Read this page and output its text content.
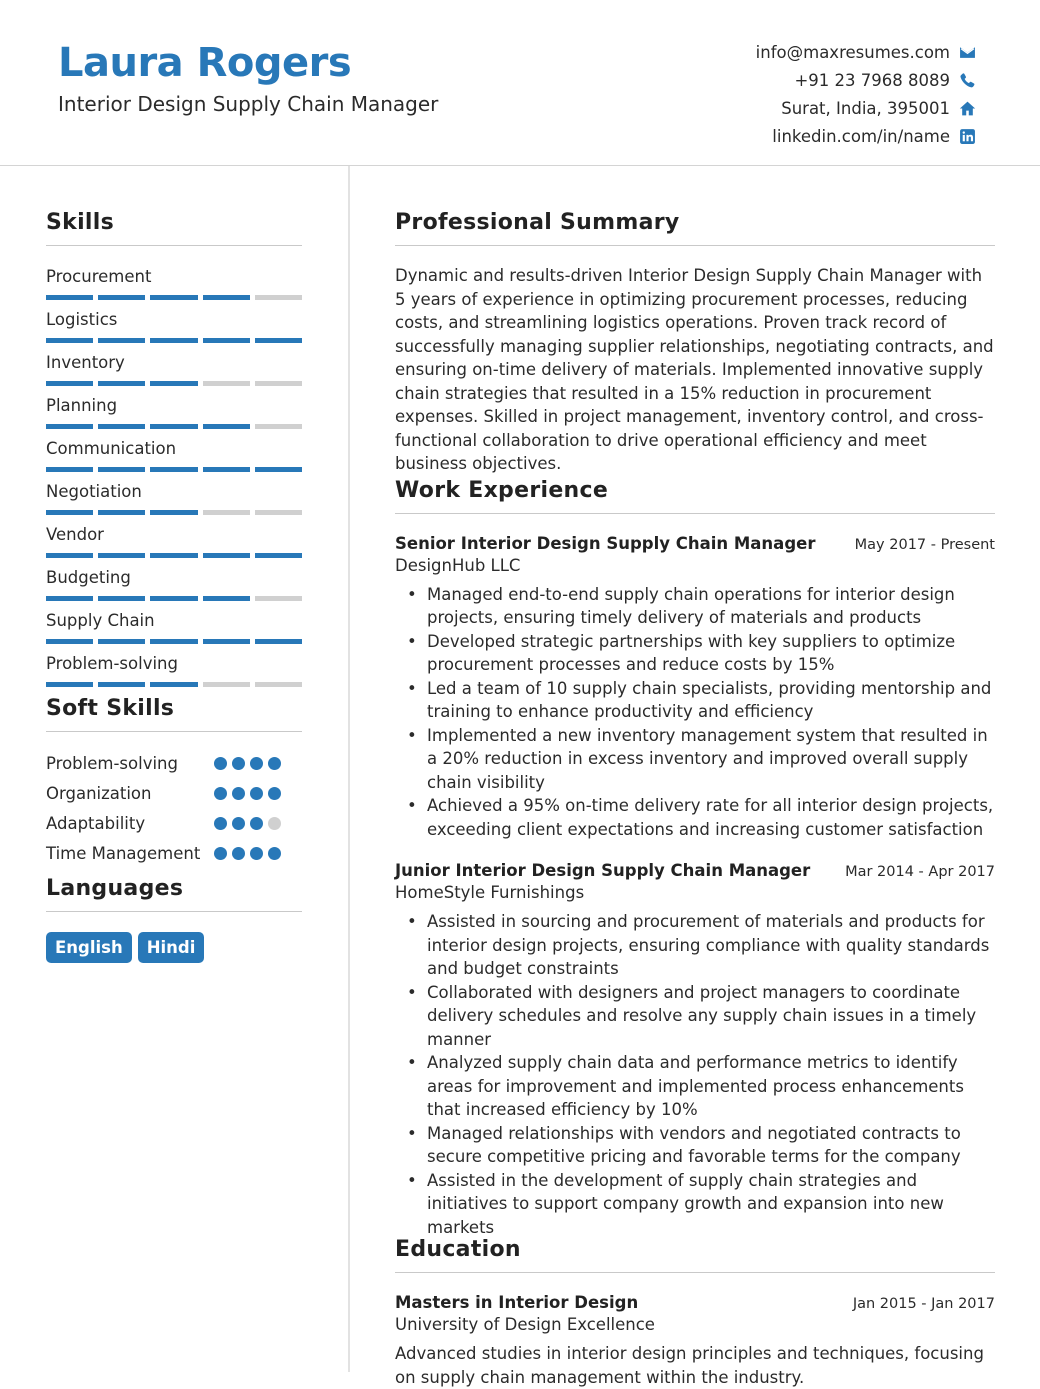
Laura Rogers
Interior Design Supply Chain Manager
info@maxresumes.com
+91 23 7968 8089
Surat, India, 395001
linkedin.com/in/name
Skills
Procurement
Logistics
Inventory
Planning
Communication
Negotiation
Vendor
Budgeting
Supply Chain
Problem-solving
Soft Skills
Problem-solving
Organization
Adaptability
Time Management
Languages
English	Hindi
Professional Summary
Dynamic and results-driven Interior Design Supply Chain Manager with 5 years of experience in optimizing procurement processes, reducing costs, and streamlining logistics operations. Proven track record of successfully managing supplier relationships, negotiating contracts, and ensuring on-time delivery of materials. Implemented innovative supply chain strategies that resulted in a 15% reduction in procurement expenses. Skilled in project management, inventory control, and cross-functional collaboration to drive operational efficiency and meet business objectives.
Work Experience
Senior Interior Design Supply Chain Manager	May 2017 - Present
DesignHub LLC
• Managed end-to-end supply chain operations for interior design projects, ensuring timely delivery of materials and products
• Developed strategic partnerships with key suppliers to optimize procurement processes and reduce costs by 15%
• Led a team of 10 supply chain specialists, providing mentorship and training to enhance productivity and efficiency
• Implemented a new inventory management system that resulted in a 20% reduction in excess inventory and improved overall supply chain visibility
• Achieved a 95% on-time delivery rate for all interior design projects, exceeding client expectations and increasing customer satisfaction
Junior Interior Design Supply Chain Manager Mar 2014 - Apr 2017
HomeStyle Furnishings
• Assisted in sourcing and procurement of materials and products for interior design projects, ensuring compliance with quality standards and budget constraints
• Collaborated with designers and project managers to coordinate delivery schedules and resolve any supply chain issues in a timely manner
• Analyzed supply chain data and performance metrics to identify areas for improvement and implemented process enhancements that increased efficiency by 10%
• Managed relationships with vendors and negotiated contracts to secure competitive pricing and favorable terms for the company
• Assisted in the development of supply chain strategies and initiatives to support company growth and expansion into new markets
Education
Masters in Interior Design	Jan 2015 - Jan 2017
University of Design Excellence
Advanced studies in interior design principles and techniques, focusing on supply chain management within the industry.
